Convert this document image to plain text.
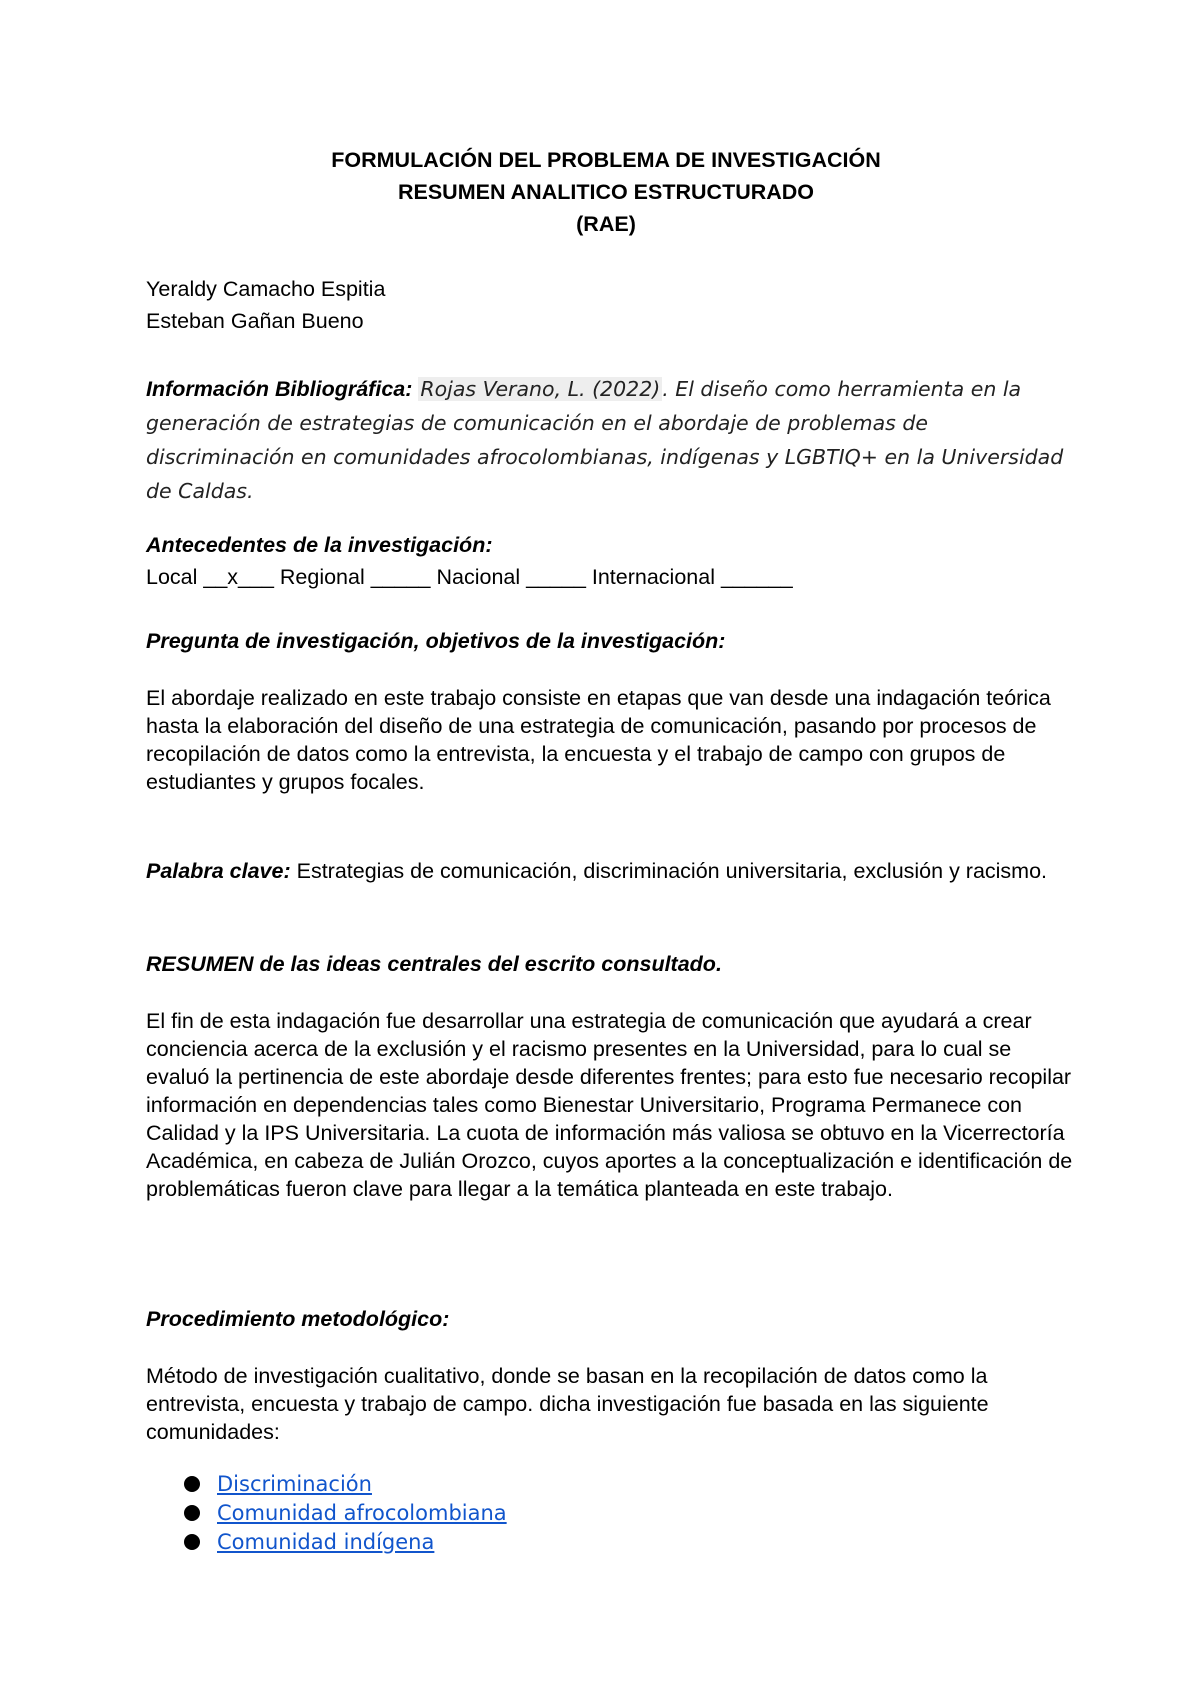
FORMULACIÓN DEL PROBLEMA DE INVESTIGACIÓN
RESUMEN ANALITICO ESTRUCTURADO
(RAE)
Yeraldy Camacho Espitia
Esteban Gañan Bueno
Información Bibliográfica: Rojas Verano, L. (2022). El diseño como herramienta en la generación de estrategias de comunicación en el abordaje de problemas de discriminación en comunidades afrocolombianas, indígenas y LGBTIQ+ en la Universidad de Caldas.
Antecedentes de la investigación:
Local __x___ Regional _____ Nacional _____ Internacional ______
Pregunta de investigación, objetivos de la investigación:
El abordaje realizado en este trabajo consiste en etapas que van desde una indagación teórica hasta la elaboración del diseño de una estrategia de comunicación, pasando por procesos de recopilación de datos como la entrevista, la encuesta y el trabajo de campo con grupos de estudiantes y grupos focales.
Palabra clave: Estrategias de comunicación, discriminación universitaria, exclusión y racismo.
RESUMEN de las ideas centrales del escrito consultado.
El fin de esta indagación fue desarrollar una estrategia de comunicación que ayudará a crear conciencia acerca de la exclusión y el racismo presentes en la Universidad, para lo cual se evaluó la pertinencia de este abordaje desde diferentes frentes; para esto fue necesario recopilar información en dependencias tales como Bienestar Universitario, Programa Permanece con Calidad y la IPS Universitaria. La cuota de información más valiosa se obtuvo en la Vicerrectoría Académica, en cabeza de Julián Orozco, cuyos aportes a la conceptualización e identificación de problemáticas fueron clave para llegar a la temática planteada en este trabajo.
Procedimiento metodológico:
Método de investigación cualitativo, donde se basan en la recopilación de datos como la entrevista, encuesta y trabajo de campo. dicha investigación fue basada en las siguiente comunidades:
Discriminación
Comunidad afrocolombiana
Comunidad indígena
